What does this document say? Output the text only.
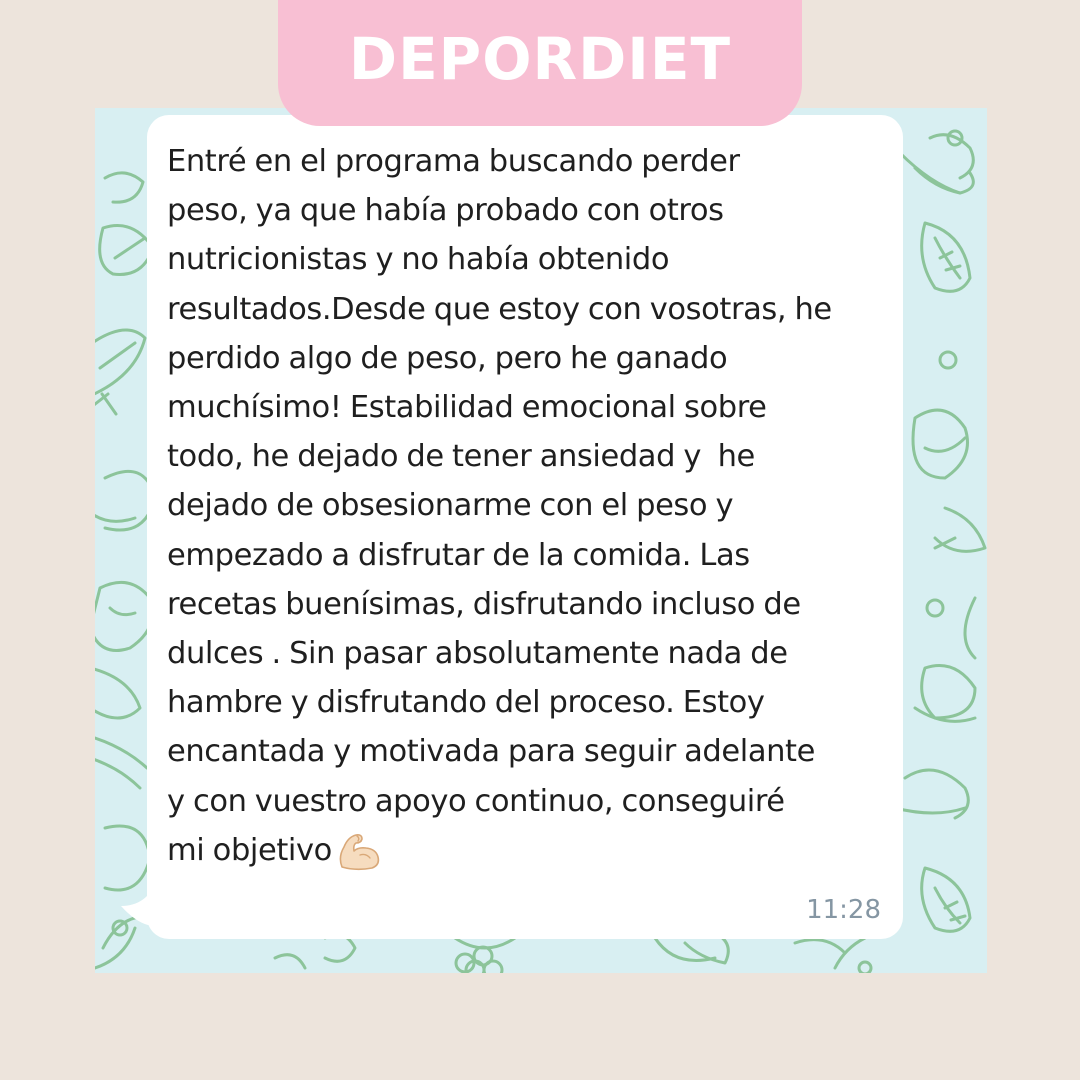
DEPORDIET
Entré en el programa buscando perder
peso, ya que había probado con otros
nutricionistas y no había obtenido
resultados.Desde que estoy con vosotras, he
perdido algo de peso, pero he ganado
muchísimo! Estabilidad emocional sobre
todo, he dejado de tener ansiedad y  he
dejado de obsesionarme con el peso y
empezado a disfrutar de la comida. Las
recetas buenísimas, disfrutando incluso de
dulces . Sin pasar absolutamente nada de
hambre y disfrutando del proceso. Estoy
encantada y motivada para seguir adelante
y con vuestro apoyo continuo, conseguiré
mi objetivo
11:28
